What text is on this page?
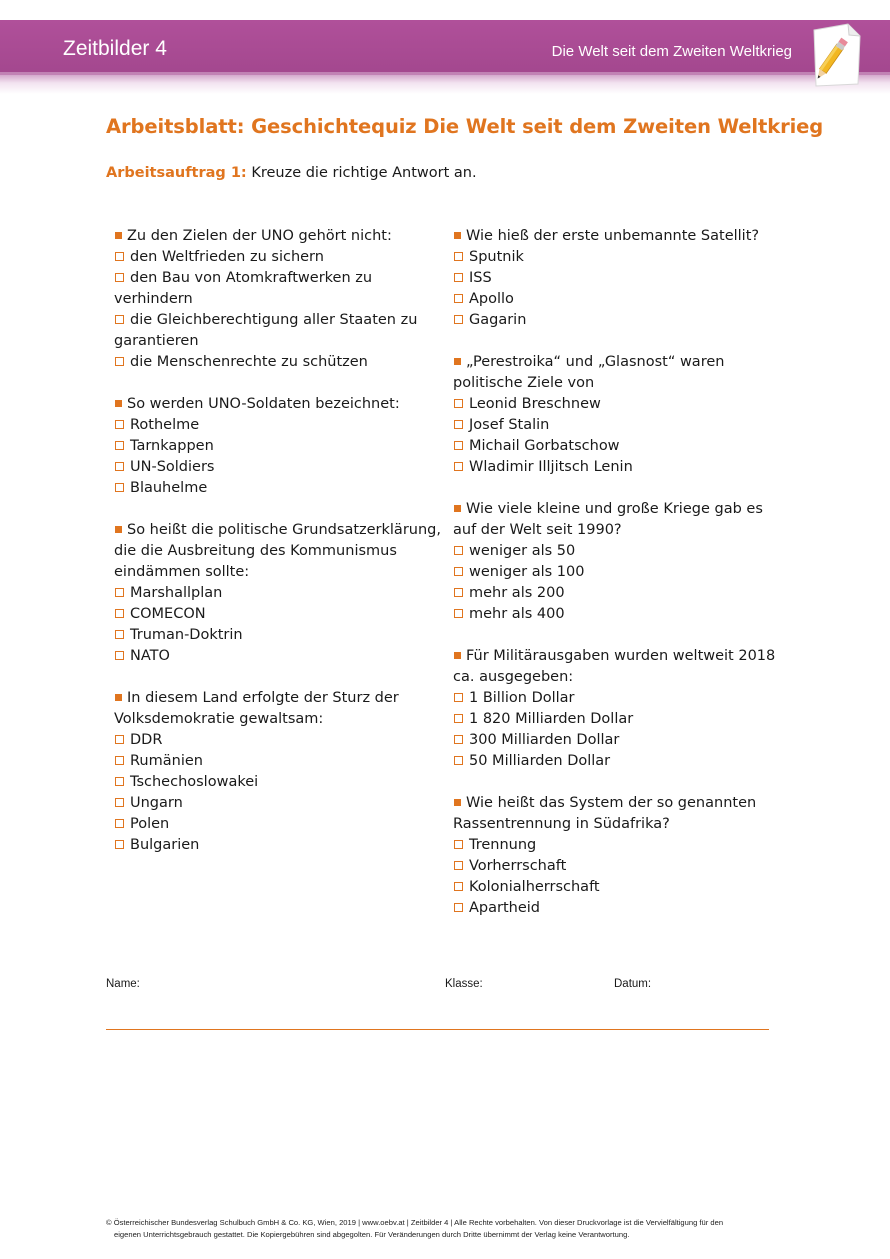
Zeitbilder 4	Die Welt seit dem Zweiten Weltkrieg
Arbeitsblatt: Geschichtequiz Die Welt seit dem Zweiten Weltkrieg
Arbeitsauftrag 1: Kreuze die richtige Antwort an.
Zu den Zielen der UNO gehört nicht:
den Weltfrieden zu sichern
den Bau von Atomkraftwerken zu verhindern
die Gleichberechtigung aller Staaten zu garantieren
die Menschenrechte zu schützen
So werden UNO-Soldaten bezeichnet:
Rothelme
Tarnkappen
UN-Soldiers
Blauhelme
So heißt die politische Grundsatzerklärung, die die Ausbreitung des Kommunismus eindämmen sollte:
Marshallplan
COMECON
Truman-Doktrin
NATO
In diesem Land erfolgte der Sturz der Volksdemokratie gewaltsam:
DDR
Rumänien
Tschechoslowakei
Ungarn
Polen
Bulgarien
Wie hieß der erste unbemannte Satellit?
Sputnik
ISS
Apollo
Gagarin
„Perestroika“ und „Glasnost“ waren politische Ziele von
Leonid Breschnew
Josef Stalin
Michail Gorbatschow
Wladimir Illjitsch Lenin
Wie viele kleine und große Kriege gab es auf der Welt seit 1990?
weniger als 50
weniger als 100
mehr als 200
mehr als 400
Für Militärausgaben wurden weltweit 2018 ca. ausgegeben:
1 Billion Dollar
1 820 Milliarden Dollar
300 Milliarden Dollar
50 Milliarden Dollar
Wie heißt das System der so genannten Rassentrennung in Südafrika?
Trennung
Vorherrschaft
Kolonialherrschaft
Apartheid
Name:	Klasse:	Datum:
© Österreichischer Bundesverlag Schulbuch GmbH & Co. KG, Wien, 2019 | www.oebv.at | Zeitbilder 4 | Alle Rechte vorbehalten. Von dieser Druckvorlage ist die Vervielfältigung für den
eigenen Unterrichtsgebrauch gestattet. Die Kopiergebühren sind abgegolten. Für Veränderungen durch Dritte übernimmt der Verlag keine Verantwortung.
